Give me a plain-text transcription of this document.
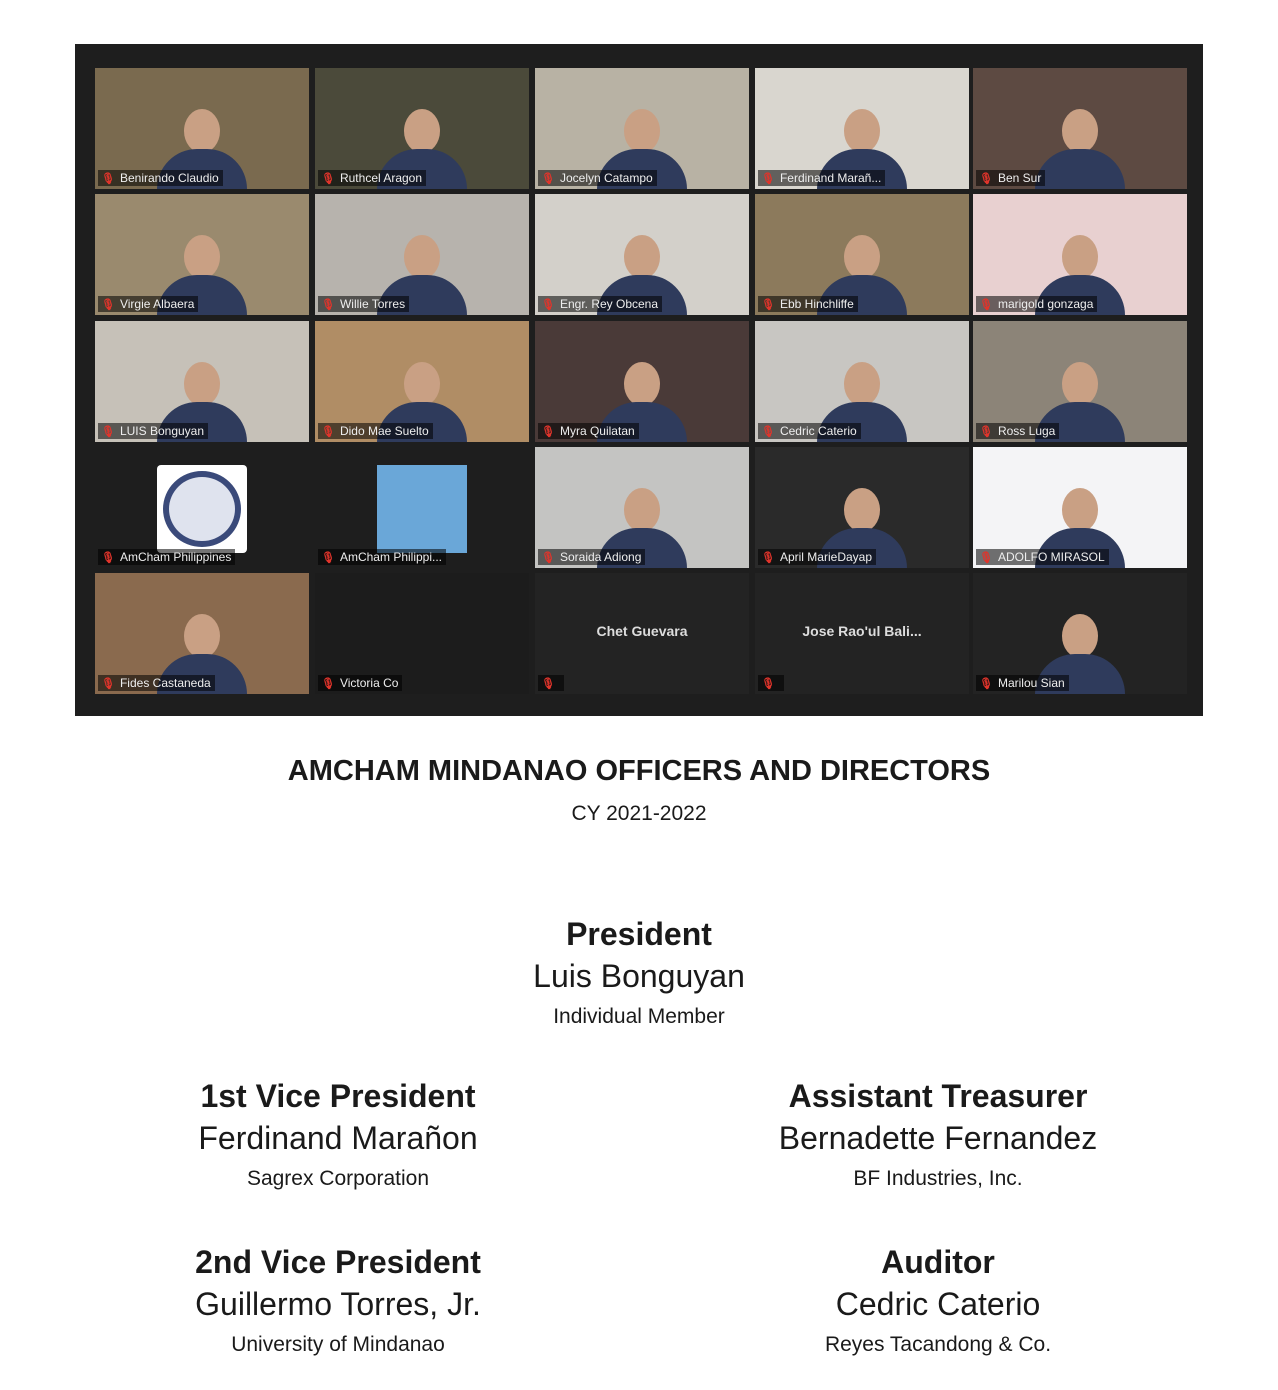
🎙︎ Benirando Claudio	🎙︎ Ruthcel Aragon	🎙︎ Jocelyn Catampo	🎙︎ Ferdinand Marañ...	🎙︎ Ben Sur
🎙︎ Virgie Albaera	🎙︎ Willie Torres	🎙︎ Engr. Rey Obcena	🎙︎ Ebb Hinchliffe	🎙︎ marigold gonzaga
🎙︎ LUIS Bonguyan	🎙︎ Dido Mae Suelto	🎙︎ Myra Quilatan	🎙︎ Cedric Caterio	🎙︎ Ross Luga
🎙︎ AmCham Philippines	🎙︎ AmCham Philippi...	🎙︎ Soraida Adiong	🎙︎ April MarieDayap	🎙︎ ADOLFO MIRASOL
🎙︎ Fides Castaneda	🎙︎ Victoria Co
Chet Guevara
🎙︎
Jose Rao'ul Bali...
🎙︎	🎙︎ Marilou Sian
AMCHAM MINDANAO OFFICERS AND DIRECTORS
CY 2021-2022
President
Luis Bonguyan
Individual Member
1st Vice President
Ferdinand Marañon
Sagrex Corporation
Assistant Treasurer
Bernadette Fernandez
BF Industries, Inc.
2nd Vice President
Guillermo Torres, Jr.
University of Mindanao
Auditor
Cedric Caterio
Reyes Tacandong & Co.
